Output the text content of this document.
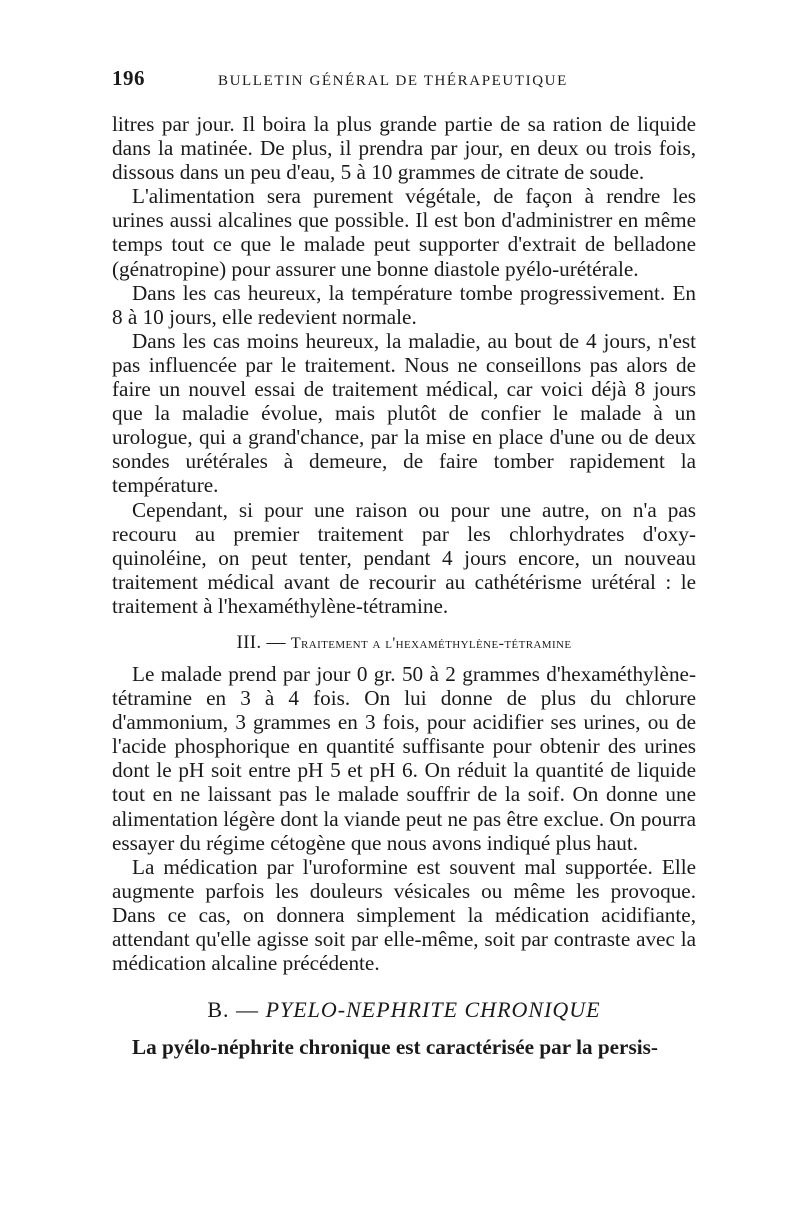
196	BULLETIN GÉNÉRAL DE THÉRAPEUTIQUE

litres par jour. Il boira la plus grande partie de sa ration de liquide dans la matinée. De plus, il prendra par jour, en deux ou trois fois, dissous dans un peu d'eau, 5 à 10 grammes de citrate de soude.

L'alimentation sera purement végétale, de façon à rendre les urines aussi alcalines que possible. Il est bon d'administrer en même temps tout ce que le malade peut supporter d'extrait de belladone (génatropine) pour assurer une bonne diastole pyélo-urétérale.

Dans les cas heureux, la température tombe progressivement. En 8 à 10 jours, elle redevient normale.

Dans les cas moins heureux, la maladie, au bout de 4 jours, n'est pas influencée par le traitement. Nous ne conseillons pas alors de faire un nouvel essai de traitement médical, car voici déjà 8 jours que la maladie évolue, mais plutôt de confier le malade à un urologue, qui a grand'chance, par la mise en place d'une ou de deux sondes urétérales à demeure, de faire tomber rapidement la température.

Cependant, si pour une raison ou pour une autre, on n'a pas recouru au premier traitement par les chlorhydrates d'oxy-quinoléine, on peut tenter, pendant 4 jours encore, un nouveau traitement médical avant de recourir au cathétérisme urétéral : le traitement à l'hexaméthylène-tétramine.

III. — Traitement a l'hexaméthylène-tétramine

Le malade prend par jour 0 gr. 50 à 2 grammes d'hexaméthylène-tétramine en 3 à 4 fois. On lui donne de plus du chlorure d'ammonium, 3 grammes en 3 fois, pour acidifier ses urines, ou de l'acide phosphorique en quantité suffisante pour obtenir des urines dont le pH soit entre pH 5 et pH 6. On réduit la quantité de liquide tout en ne laissant pas le malade souffrir de la soif. On donne une alimentation légère dont la viande peut ne pas être exclue. On pourra essayer du régime cétogène que nous avons indiqué plus haut.

La médication par l'uroformine est souvent mal supportée. Elle augmente parfois les douleurs vésicales ou même les provoque. Dans ce cas, on donnera simplement la médication acidifiante, attendant qu'elle agisse soit par elle-même, soit par contraste avec la médication alcaline précédente.

B. — PYELO-NEPHRITE CHRONIQUE

La pyélo-néphrite chronique est caractérisée par la persis-
